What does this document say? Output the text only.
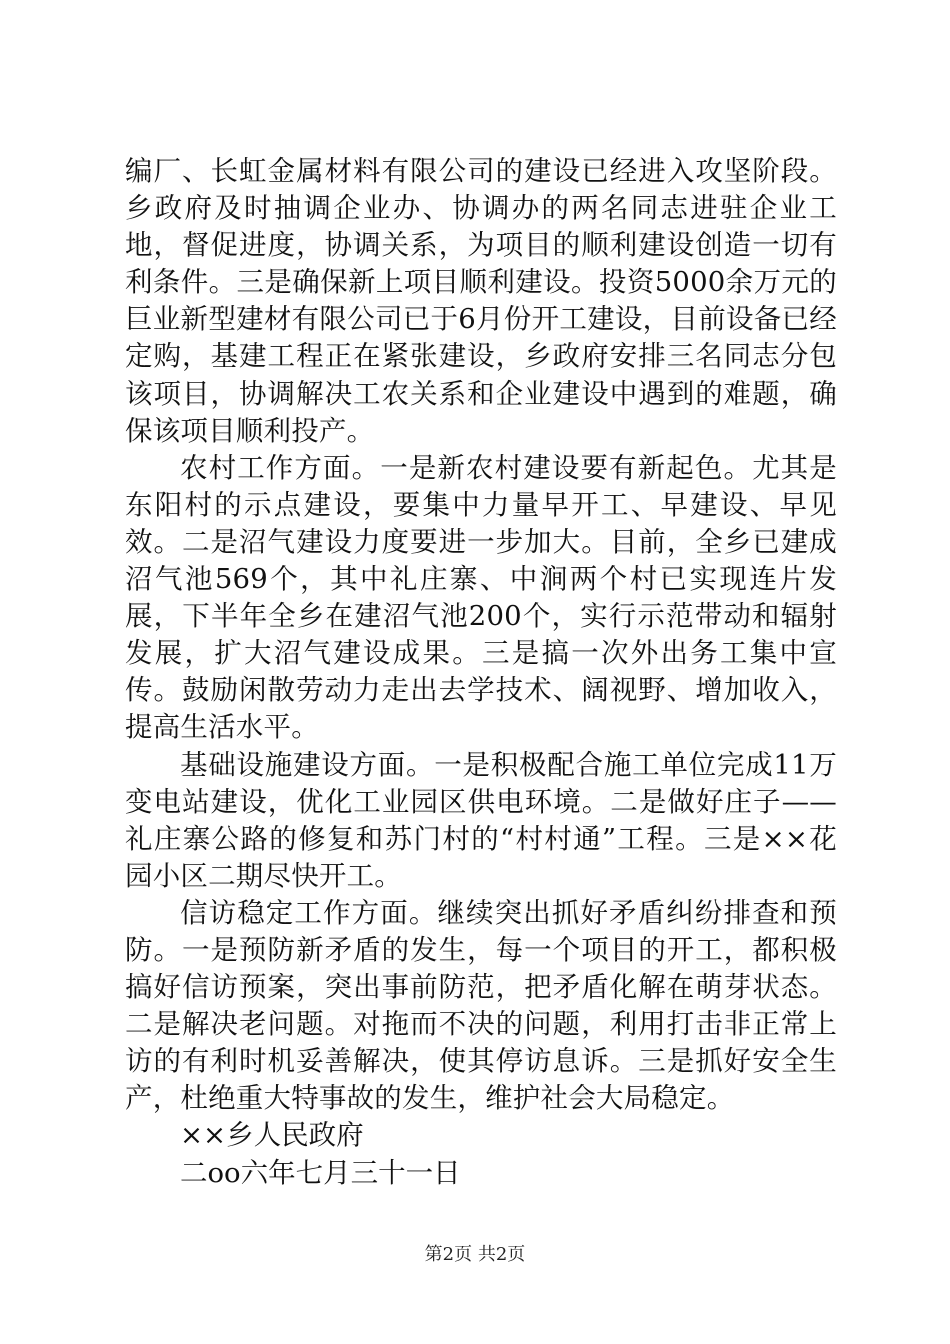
编厂、长虹金属材料有限公司的建设已经进入攻坚阶段。乡政府及时抽调企业办、协调办的两名同志进驻企业工地，督促进度，协调关系，为项目的顺利建设创造一切有利条件。三是确保新上项目顺利建设。投资5000余万元的巨业新型建材有限公司已于6月份开工建设，目前设备已经定购，基建工程正在紧张建设，乡政府安排三名同志分包该项目，协调解决工农关系和企业建设中遇到的难题，确保该项目顺利投产。

农村工作方面。一是新农村建设要有新起色。尤其是东阳村的示点建设，要集中力量早开工、早建设、早见效。二是沼气建设力度要进一步加大。目前，全乡已建成沼气池569个，其中礼庄寨、中涧两个村已实现连片发展，下半年全乡在建沼气池200个，实行示范带动和辐射发展，扩大沼气建设成果。三是搞一次外出务工集中宣传。鼓励闲散劳动力走出去学技术、阔视野、增加收入，提高生活水平。

基础设施建设方面。一是积极配合施工单位完成11万变电站建设，优化工业园区供电环境。二是做好庄子——礼庄寨公路的修复和苏门村的“村村通”工程。三是××花园小区二期尽快开工。

信访稳定工作方面。继续突出抓好矛盾纠纷排查和预防。一是预防新矛盾的发生，每一个项目的开工，都积极搞好信访预案，突出事前防范，把矛盾化解在萌芽状态。二是解决老问题。对拖而不决的问题，利用打击非正常上访的有利时机妥善解决，使其停访息诉。三是抓好安全生产，杜绝重大特事故的发生，维护社会大局稳定。

××乡人民政府

二oo六年七月三十一日

第2页 共2页
